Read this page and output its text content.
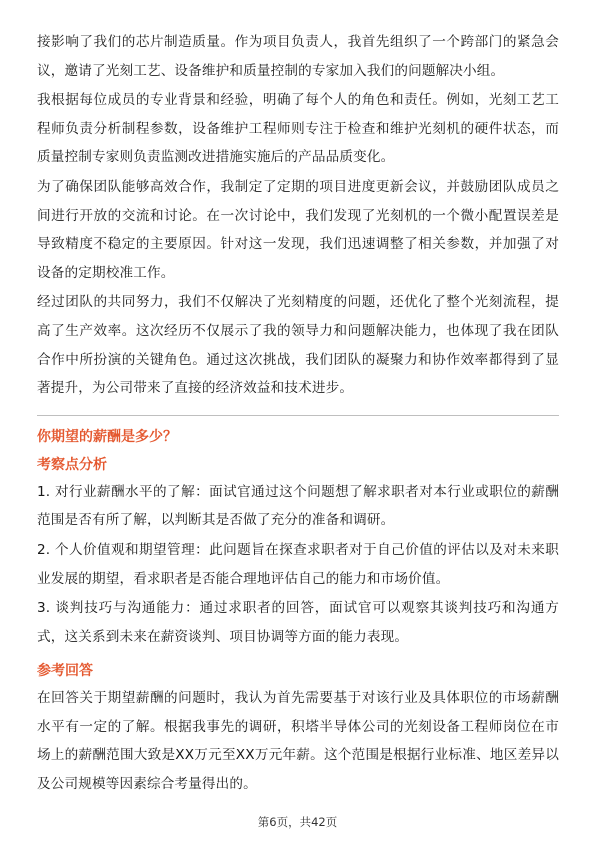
接影响了我们的芯片制造质量。作为项目负责人，我首先组织了一个跨部门的紧急会议，邀请了光刻工艺、设备维护和质量控制的专家加入我们的问题解决小组。

我根据每位成员的专业背景和经验，明确了每个人的角色和责任。例如，光刻工艺工程师负责分析制程参数，设备维护工程师则专注于检查和维护光刻机的硬件状态，而质量控制专家则负责监测改进措施实施后的产品品质变化。

为了确保团队能够高效合作，我制定了定期的项目进度更新会议，并鼓励团队成员之间进行开放的交流和讨论。在一次讨论中，我们发现了光刻机的一个微小配置误差是导致精度不稳定的主要原因。针对这一发现，我们迅速调整了相关参数，并加强了对设备的定期校准工作。

经过团队的共同努力，我们不仅解决了光刻精度的问题，还优化了整个光刻流程，提高了生产效率。这次经历不仅展示了我的领导力和问题解决能力，也体现了我在团队合作中所扮演的关键角色。通过这次挑战，我们团队的凝聚力和协作效率都得到了显著提升，为公司带来了直接的经济效益和技术进步。

你期望的薪酬是多少？

考察点分析

1. 对行业薪酬水平的了解：面试官通过这个问题想了解求职者对本行业或职位的薪酬范围是否有所了解，以判断其是否做了充分的准备和调研。

2. 个人价值观和期望管理：此问题旨在探查求职者对于自己价值的评估以及对未来职业发展的期望，看求职者是否能合理地评估自己的能力和市场价值。

3. 谈判技巧与沟通能力：通过求职者的回答，面试官可以观察其谈判技巧和沟通方式，这关系到未来在薪资谈判、项目协调等方面的能力表现。

参考回答

在回答关于期望薪酬的问题时，我认为首先需要基于对该行业及具体职位的市场薪酬水平有一定的了解。根据我事先的调研，积塔半导体公司的光刻设备工程师岗位在市场上的薪酬范围大致是XX万元至XX万元年薪。这个范围是根据行业标准、地区差异以及公司规模等因素综合考量得出的。

第6页，共42页
